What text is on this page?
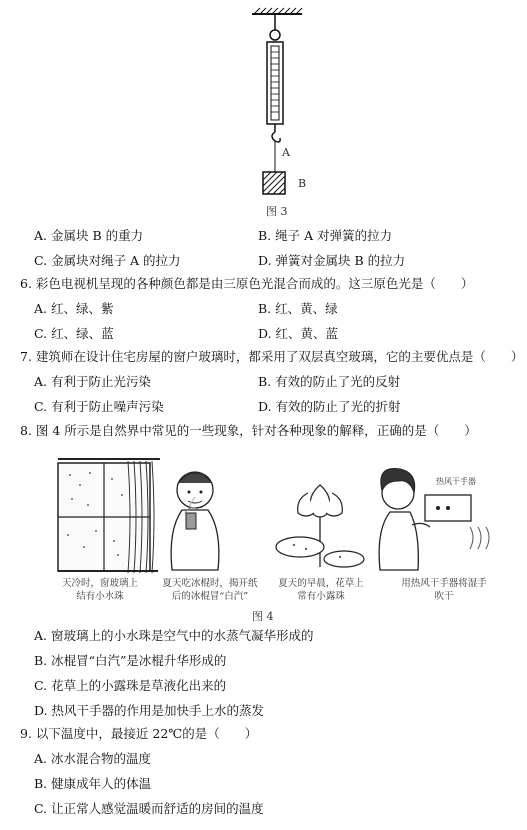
A
B
图 3
A. 金属块 B 的重力	B. 绳子 A 对弹簧的拉力
C. 金属块对绳子 A 的拉力	D. 弹簧对金属块 B 的拉力
6. 彩色电视机呈现的各种颜色都是由三原色光混合而成的。这三原色光是（　　）
A. 红、绿、紫	B. 红、黄、绿
C. 红、绿、蓝	D. 红、黄、蓝
7. 建筑师在设计住宅房屋的窗户玻璃时，都采用了双层真空玻璃，它的主要优点是（　　）
A. 有利于防止光污染	B. 有效的防止了光的反射
C. 有利于防止噪声污染	D. 有效的防止了光的折射
8. 图 4 所示是自然界中常见的一些现象，针对各种现象的解释，正确的是（　　）
热风干手器
天冷时，窗玻璃上结有小水珠
夏天吃冰棍时，揭开纸后的冰棍冒“白汽”
夏天的早晨，花草上常有小露珠
用热风干手器将湿手吹干
图 4
A. 窗玻璃上的小水珠是空气中的水蒸气凝华形成的
B. 冰棍冒“白汽”是冰棍升华形成的
C. 花草上的小露珠是草液化出来的
D. 热风干手器的作用是加快手上水的蒸发
9. 以下温度中，最接近 22℃的是（　　）
A. 冰水混合物的温度
B. 健康成年人的体温
C. 让正常人感觉温暖而舒适的房间的温度
